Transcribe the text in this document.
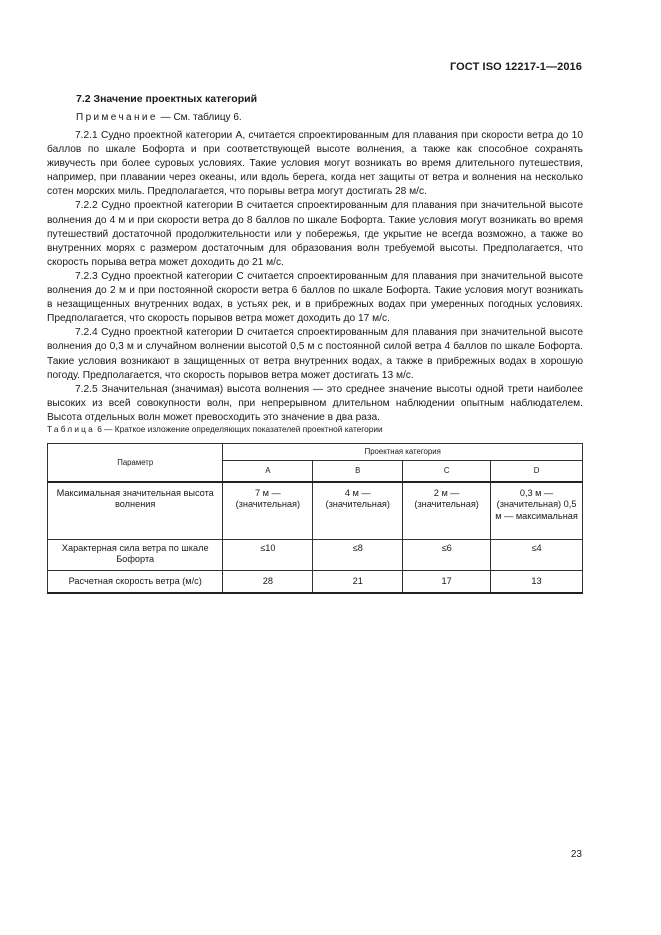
ГОСТ ISO 12217-1—2016
7.2 Значение проектных категорий
Примечание — См. таблицу 6.

7.2.1 Судно проектной категории А, считается спроектированным для плавания при скорости ветра до 10 баллов по шкале Бофорта и при соответствующей высоте волнения, а также как способное сохранять живучесть при более суровых условиях. Такие условия могут возникать во время длительного путешествия, например, при плавании через океаны, или вдоль берега, когда нет защиты от ветра и волнения на несколько сотен морских миль. Предполагается, что порывы ветра могут достигать 28 м/с.

7.2.2 Судно проектной категории В считается спроектированным для плавания при значительной высоте волнения до 4 м и при скорости ветра до 8 баллов по шкале Бофорта. Такие условия могут возникать во время путешествий достаточной продолжительности или у побережья, где укрытие не всегда возможно, а также во внутренних морях с размером достаточным для образования волн требуемой высоты. Предполагается, что скорость порыва ветра может доходить до 21 м/с.

7.2.3 Судно проектной категории С считается спроектированным для плавания при значительной высоте волнения до 2 м и при постоянной скорости ветра 6 баллов по шкале Бофорта. Такие условия могут возникать в незащищенных внутренних водах, в устьях рек, и в прибрежных водах при умеренных погодных условиях. Предполагается, что скорость порывов ветра может доходить до 17 м/с.

7.2.4 Судно проектной категории D считается спроектированным для плавания при значительной высоте волнения до 0,3 м и случайном волнении высотой 0,5 м с постоянной силой ветра 4 баллов по шкале Бофорта. Такие условия возникают в защищенных от ветра внутренних водах, а также в прибрежных водах в хорошую погоду. Предполагается, что скорость порывов ветра может достигать 13 м/с.

7.2.5 Значительная (значимая) высота волнения — это среднее значение высоты одной трети наиболее высоких из всей совокупности волн, при непрерывном длительном наблюдении опытным наблюдателем. Высота отдельных волн может превосходить это значение в два раза.

Таблица 6 — Краткое изложение определяющих показателей проектной категории
Параметр	Проектная категория			
	A	B	C	D
Максимальная значительная высота волнения	7 м — (значительная)	4 м — (значительная)	2 м — (значительная)	0,3 м — (значительная) 0,5 м — максимальная
Характерная сила ветра по шкале Бофорта	≤10	≤8	≤6	≤4
Расчетная скорость ветра (м/с)	28	21	17	13
23
